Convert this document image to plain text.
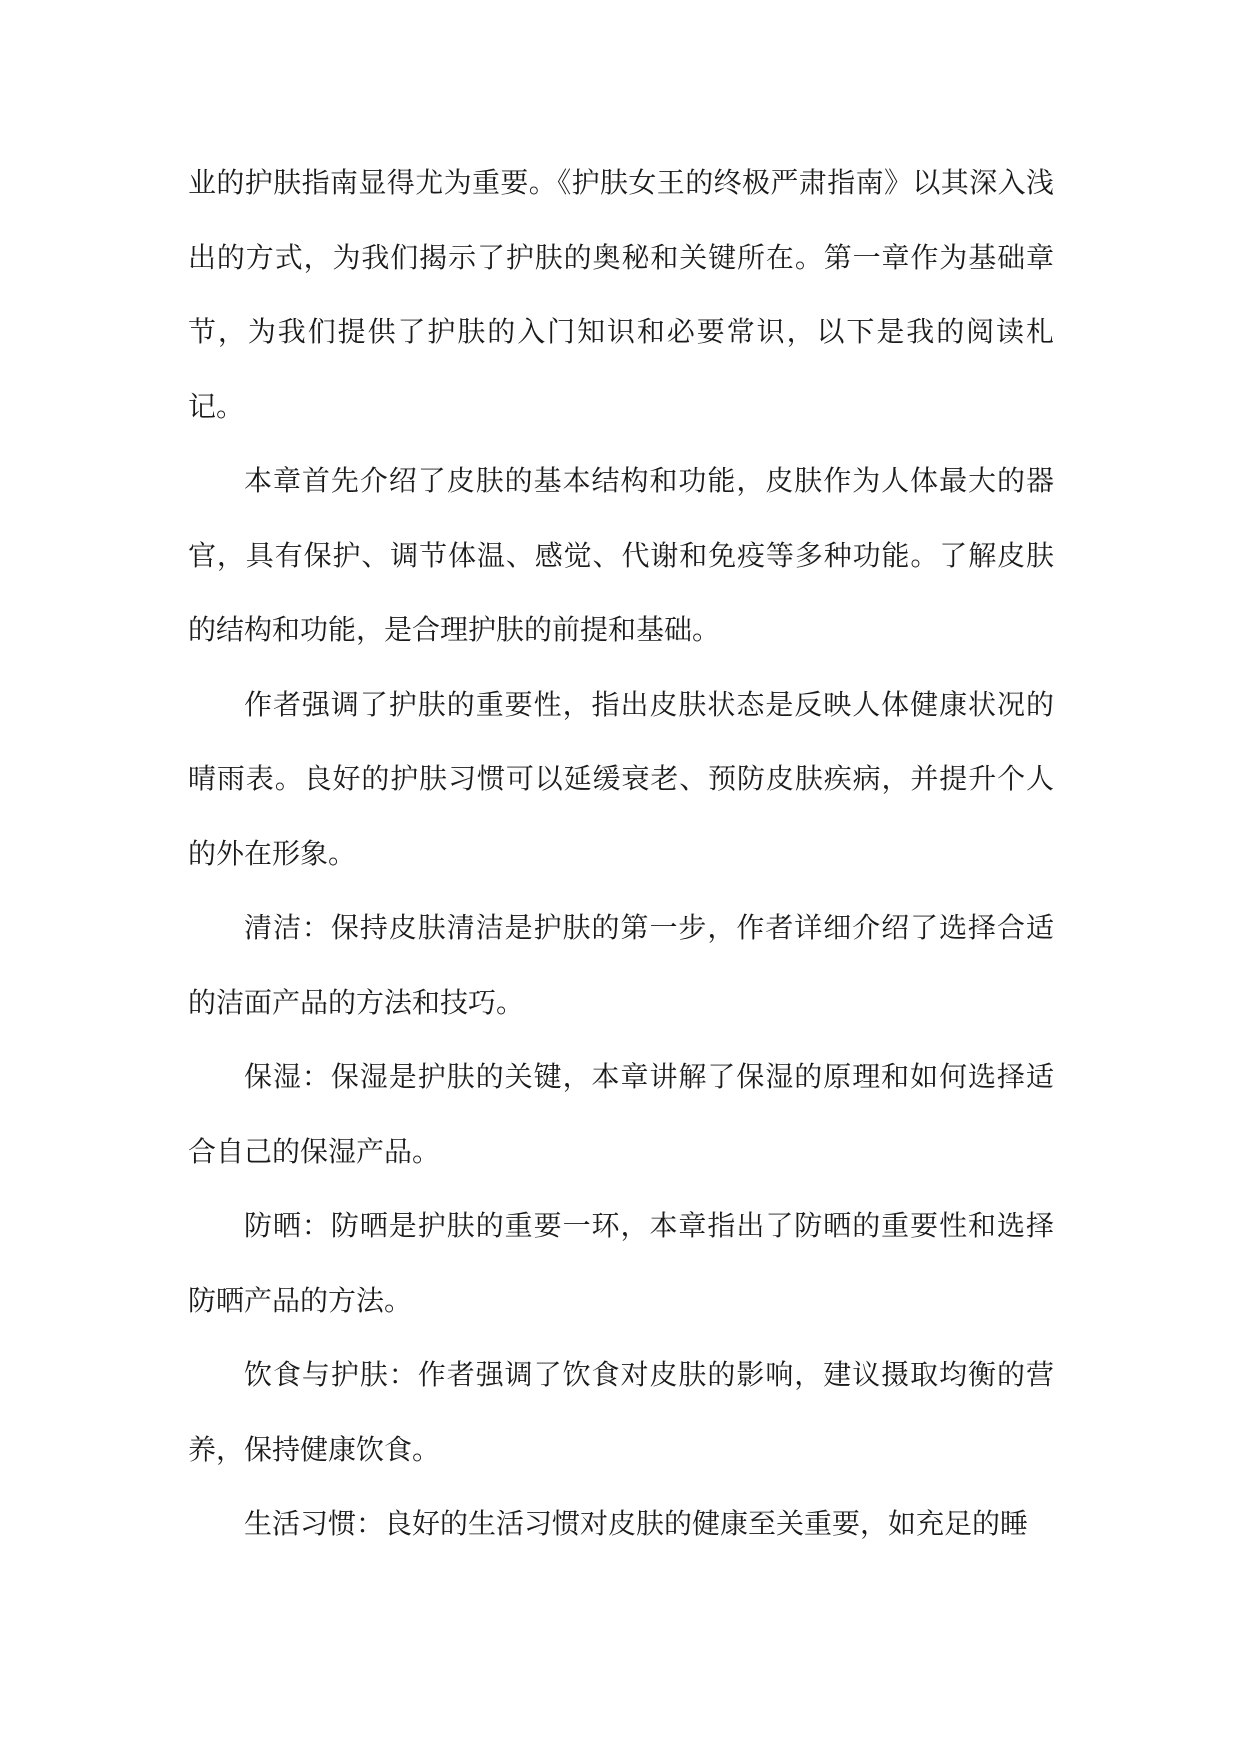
业的护肤指南显得尤为重要。《护肤女王的终极严肃指南》以其深入浅出的方式，为我们揭示了护肤的奥秘和关键所在。第一章作为基础章节，为我们提供了护肤的入门知识和必要常识，以下是我的阅读札记。

本章首先介绍了皮肤的基本结构和功能，皮肤作为人体最大的器官，具有保护、调节体温、感觉、代谢和免疫等多种功能。了解皮肤的结构和功能，是合理护肤的前提和基础。

作者强调了护肤的重要性，指出皮肤状态是反映人体健康状况的晴雨表。良好的护肤习惯可以延缓衰老、预防皮肤疾病，并提升个人的外在形象。

清洁：保持皮肤清洁是护肤的第一步，作者详细介绍了选择合适的洁面产品的方法和技巧。

保湿：保湿是护肤的关键，本章讲解了保湿的原理和如何选择适合自己的保湿产品。

防晒：防晒是护肤的重要一环，本章指出了防晒的重要性和选择防晒产品的方法。

饮食与护肤：作者强调了饮食对皮肤的影响，建议摄取均衡的营养，保持健康饮食。

生活习惯：良好的生活习惯对皮肤的健康至关重要，如充足的睡
